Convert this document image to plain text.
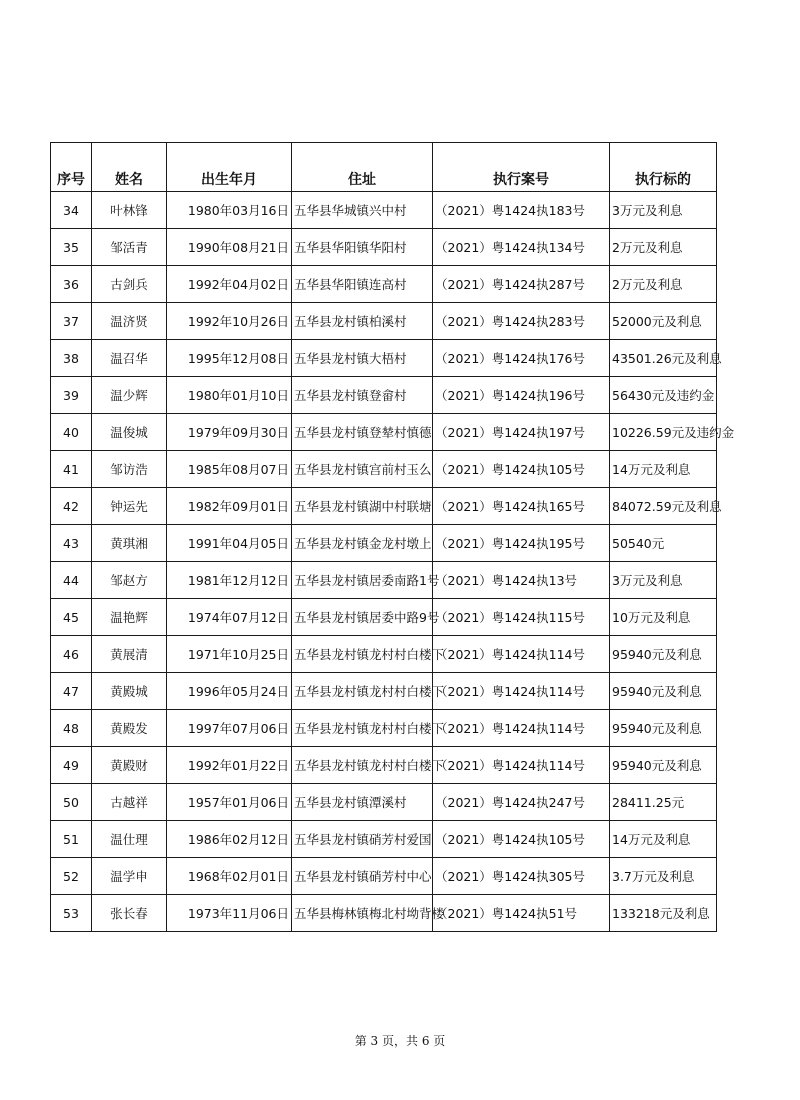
序号	姓名	出生年月	住址	执行案号	执行标的
34	叶林锋	1980年03月16日	五华县华城镇兴中村	（2021）粤1424执183号	3万元及利息
35	邹活青	1990年08月21日	五华县华阳镇华阳村	（2021）粤1424执134号	2万元及利息
36	古剑兵	1992年04月02日	五华县华阳镇连高村	（2021）粤1424执287号	2万元及利息
37	温济贤	1992年10月26日	五华县龙村镇柏溪村	（2021）粤1424执283号	52000元及利息
38	温召华	1995年12月08日	五华县龙村镇大梧村	（2021）粤1424执176号	43501.26元及利息
39	温少辉	1980年01月10日	五华县龙村镇登畲村	（2021）粤1424执196号	56430元及违约金
40	温俊城	1979年09月30日	五华县龙村镇登辇村慎德	（2021）粤1424执197号	10226.59元及违约金
41	邹访浩	1985年08月07日	五华县龙村镇宫前村玉么	（2021）粤1424执105号	14万元及利息
42	钟运先	1982年09月01日	五华县龙村镇湖中村联塘	（2021）粤1424执165号	84072.59元及利息
43	黄琪湘	1991年04月05日	五华县龙村镇金龙村墩上	（2021）粤1424执195号	50540元
44	邹赵方	1981年12月12日	五华县龙村镇居委南路1号	（2021）粤1424执13号	3万元及利息
45	温艳辉	1974年07月12日	五华县龙村镇居委中路9号	（2021）粤1424执115号	10万元及利息
46	黄展清	1971年10月25日	五华县龙村镇龙村村白楼下	（2021）粤1424执114号	95940元及利息
47	黄殿城	1996年05月24日	五华县龙村镇龙村村白楼下	（2021）粤1424执114号	95940元及利息
48	黄殿发	1997年07月06日	五华县龙村镇龙村村白楼下	（2021）粤1424执114号	95940元及利息
49	黄殿财	1992年01月22日	五华县龙村镇龙村村白楼下	（2021）粤1424执114号	95940元及利息
50	古越祥	1957年01月06日	五华县龙村镇潭溪村	（2021）粤1424执247号	28411.25元
51	温仕理	1986年02月12日	五华县龙村镇硝芳村爱国	（2021）粤1424执105号	14万元及利息
52	温学申	1968年02月01日	五华县龙村镇硝芳村中心	（2021）粤1424执305号	3.7万元及利息
53	张长春	1973年11月06日	五华县梅林镇梅北村坳背楼	（2021）粤1424执51号	133218元及利息
第 3 页，共 6 页
